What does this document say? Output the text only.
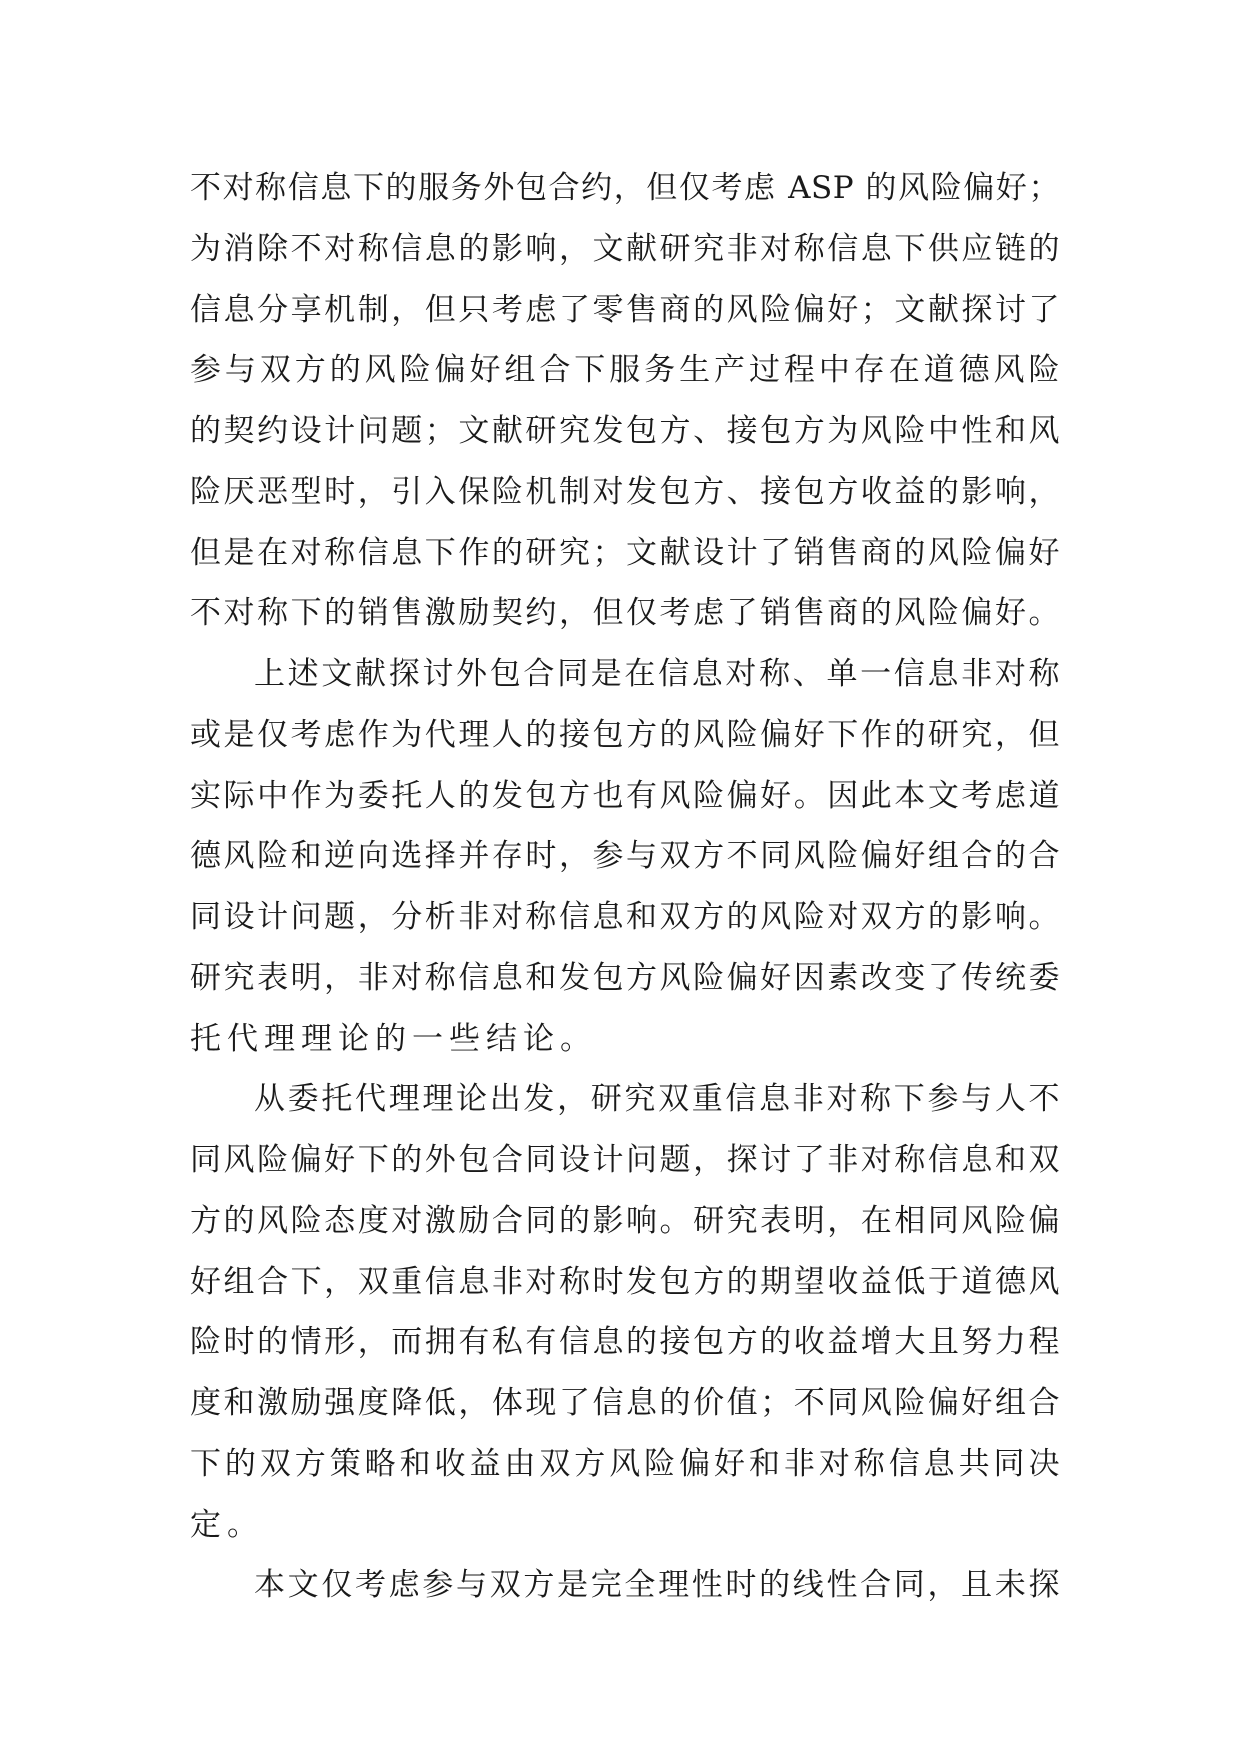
不对称信息下的服务外包合约，但仅考虑 ASP 的风险偏好；
为消除不对称信息的影响，文献研究非对称信息下供应链的
信息分享机制，但只考虑了零售商的风险偏好；文献探讨了
参与双方的风险偏好组合下服务生产过程中存在道德风险
的契约设计问题；文献研究发包方、接包方为风险中性和风
险厌恶型时，引入保险机制对发包方、接包方收益的影响，
但是在对称信息下作的研究；文献设计了销售商的风险偏好
不对称下的销售激励契约，但仅考虑了销售商的风险偏好。
上述文献探讨外包合同是在信息对称、单一信息非对称
或是仅考虑作为代理人的接包方的风险偏好下作的研究，但
实际中作为委托人的发包方也有风险偏好。因此本文考虑道
德风险和逆向选择并存时，参与双方不同风险偏好组合的合
同设计问题，分析非对称信息和双方的风险对双方的影响。
研究表明，非对称信息和发包方风险偏好因素改变了传统委
托代理理论的一些结论。
从委托代理理论出发，研究双重信息非对称下参与人不
同风险偏好下的外包合同设计问题，探讨了非对称信息和双
方的风险态度对激励合同的影响。研究表明，在相同风险偏
好组合下，双重信息非对称时发包方的期望收益低于道德风
险时的情形，而拥有私有信息的接包方的收益增大且努力程
度和激励强度降低，体现了信息的价值；不同风险偏好组合
下的双方策略和收益由双方风险偏好和非对称信息共同决
定。
本文仅考虑参与双方是完全理性时的线性合同，且未探
